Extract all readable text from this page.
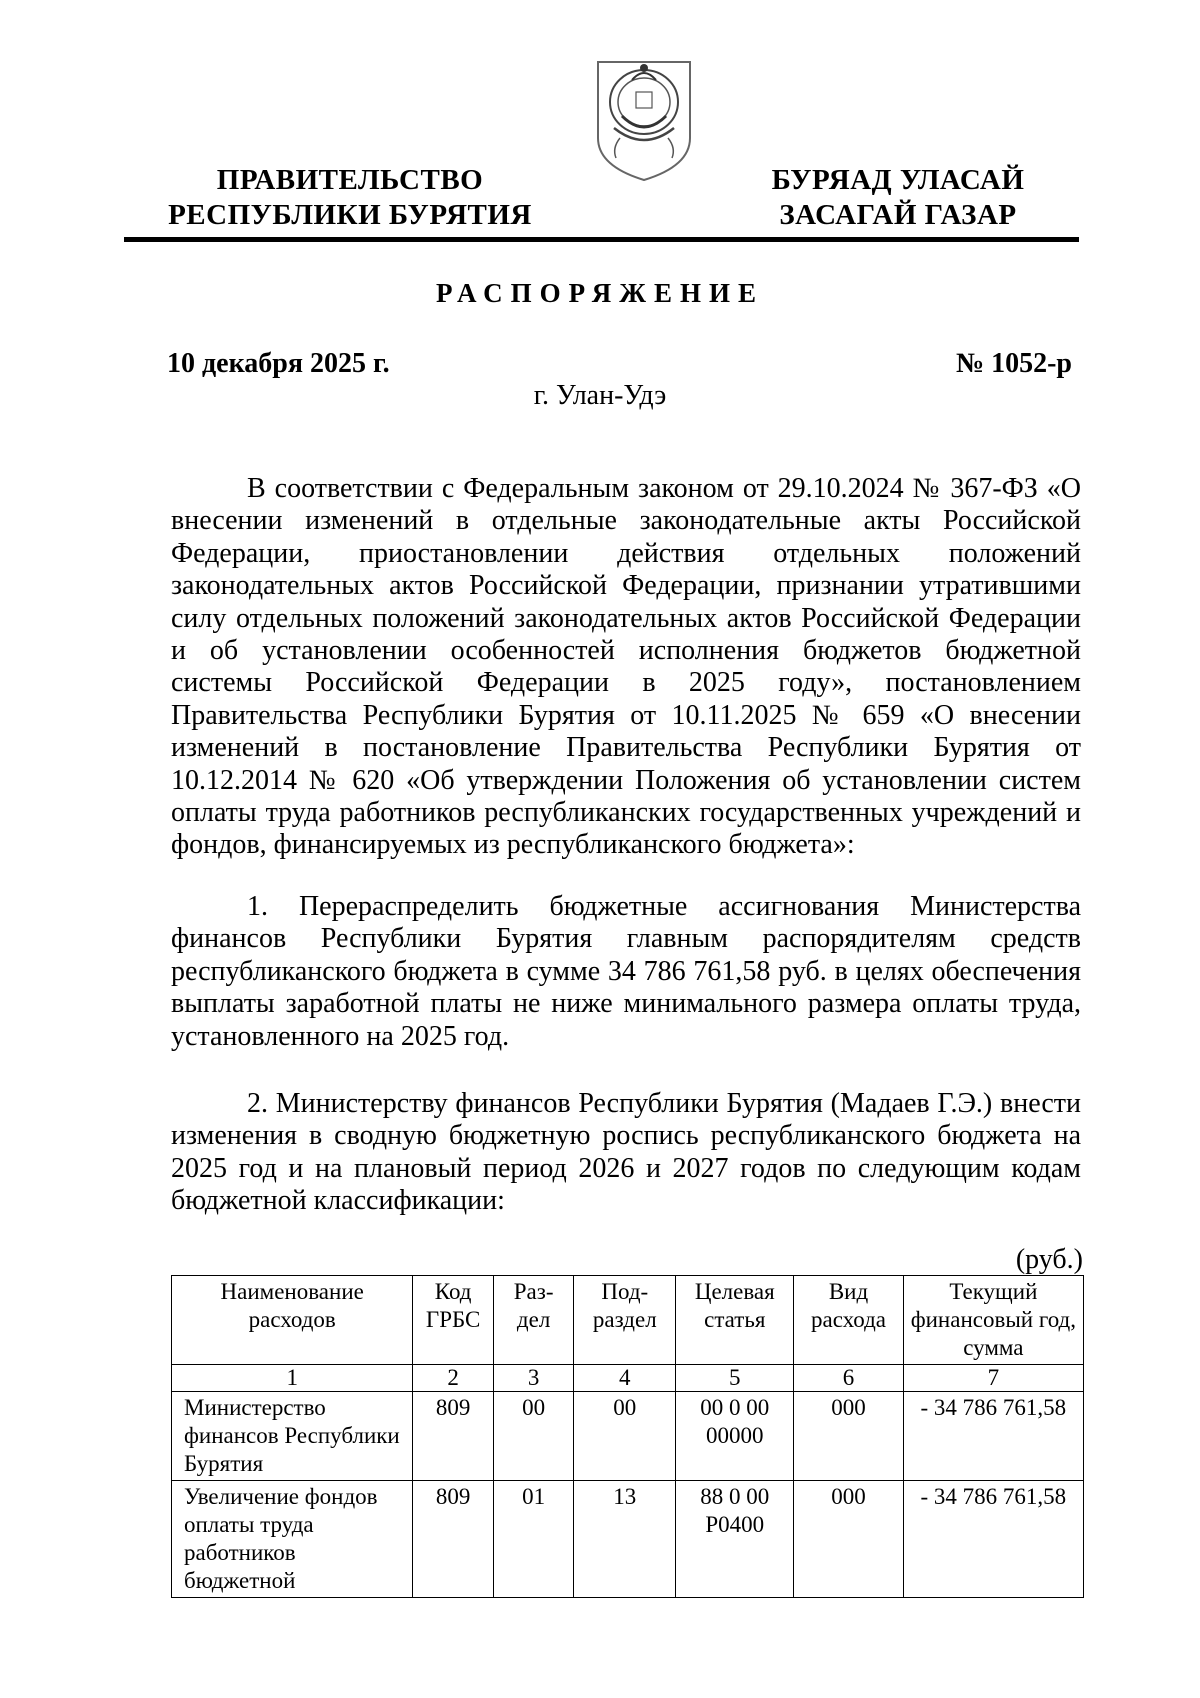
ПРАВИТЕЛЬСТВО
РЕСПУБЛИКИ БУРЯТИЯ
БУРЯАД УЛАСАЙ
ЗАСАГАЙ ГАЗАР
РАСПОРЯЖЕНИЕ
10 декабря 2025 г.	№ 1052-р
г. Улан-Удэ

В соответствии с Федеральным законом от 29.10.2024 № 367-ФЗ «О внесении изменений в отдельные законодательные акты Российской Федерации, приостановлении действия отдельных положений законодательных актов Российской Федерации, признании утратившими силу отдельных положений законодательных актов Российской Федерации и об установлении особенностей исполнения бюджетов бюджетной системы Российской Федерации в 2025 году», постановлением Правительства Республики Бурятия от 10.11.2025 № 659 «О внесении изменений в постановление Правительства Республики Бурятия от 10.12.2014 № 620 «Об утверждении Положения об установлении систем оплаты труда работников республиканских государственных учреждений и фондов, финансируемых из республиканского бюджета»:

1. Перераспределить бюджетные ассигнования Министерства финансов Республики Бурятия главным распорядителям средств республиканского бюджета в сумме 34 786 761,58 руб. в целях обеспечения выплаты заработной платы не ниже минимального размера оплаты труда, установленного на 2025 год.

2. Министерству финансов Республики Бурятия (Мадаев Г.Э.) внести изменения в сводную бюджетную роспись республиканского бюджета на 2025 год и на плановый период 2026 и 2027 годов по следующим кодам бюджетной классификации:

(руб.)
Наименование расходов	Код ГРБС	Раз-дел	Под-раздел	Целевая статья	Вид расхода	Текущий финансовый год, сумма
1	2	3	4	5	6	7
Министерство финансов Республики Бурятия	809	00	00	00 0 00 00000	000	- 34 786 761,58
Увеличение фондов оплаты труда работников бюджетной	809	01	13	88 0 00 Р0400	000	- 34 786 761,58
